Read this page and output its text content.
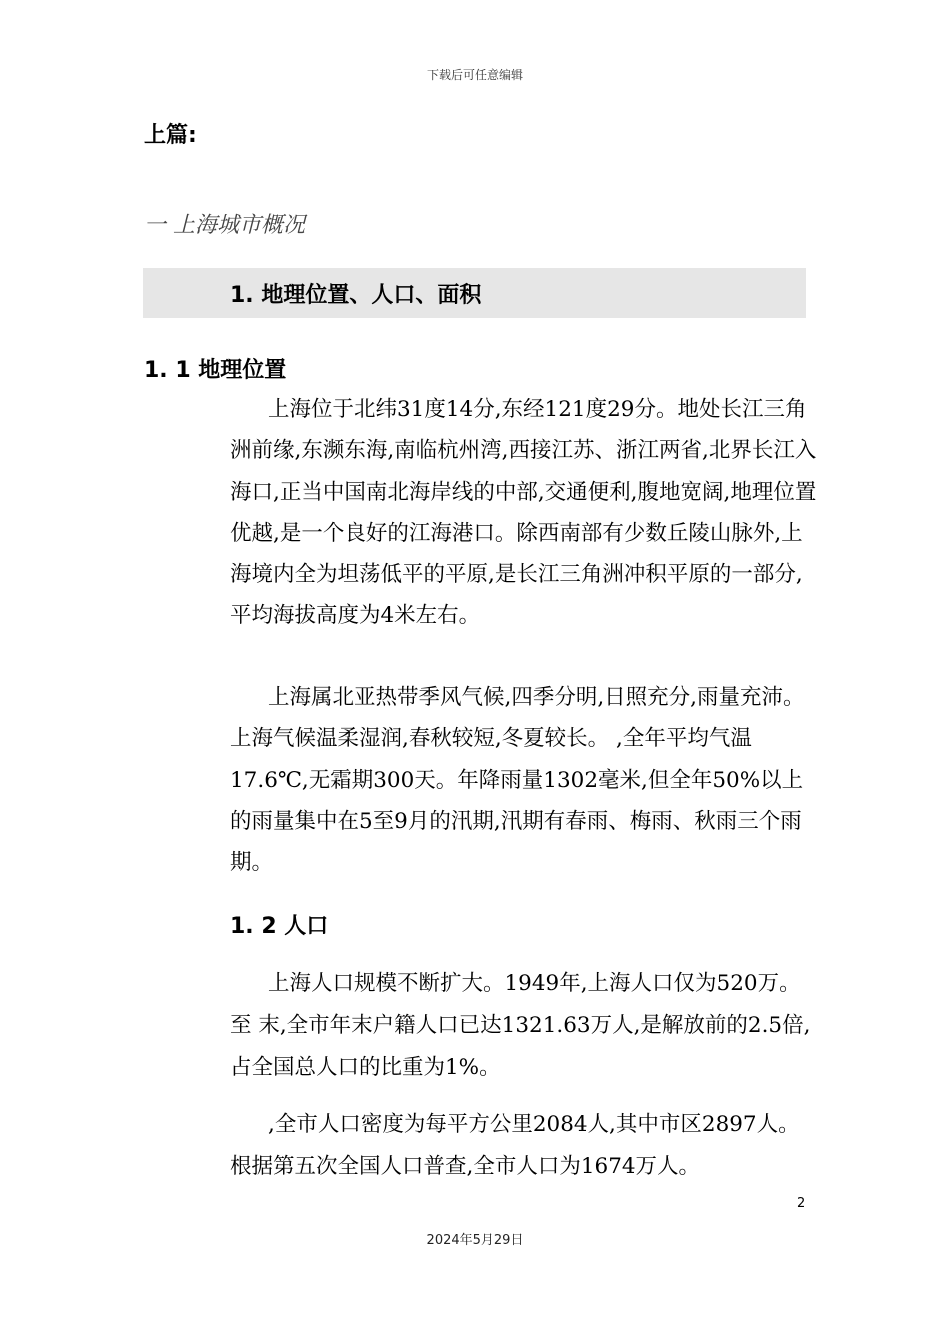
下载后可任意编辑
上篇:
一 上海城市概况
1. 地理位置、人口、面积
1. 1 地理位置
上海位于北纬31度14分,东经121度29分。地处长江三角洲前缘,东濒东海,南临杭州湾,西接江苏、浙江两省,北界长江入海口,正当中国南北海岸线的中部,交通便利,腹地宽阔,地理位置优越,是一个良好的江海港口。除西南部有少数丘陵山脉外,上海境内全为坦荡低平的平原,是长江三角洲冲积平原的一部分,平均海拔高度为4米左右。
上海属北亚热带季风气候,四季分明,日照充分,雨量充沛。上海气候温柔湿润,春秋较短,冬夏较长。 ,全年平均气温17.6℃,无霜期300天。年降雨量1302毫米,但全年50%以上的雨量集中在5至9月的汛期,汛期有春雨、梅雨、秋雨三个雨期。
1. 2 人口
上海人口规模不断扩大。1949年,上海人口仅为520万。至 末,全市年末户籍人口已达1321.63万人,是解放前的2.5倍,占全国总人口的比重为1%。
,全市人口密度为每平方公里2084人,其中市区2897人。根据第五次全国人口普查,全市人口为1674万人。
2
2024年5月29日
